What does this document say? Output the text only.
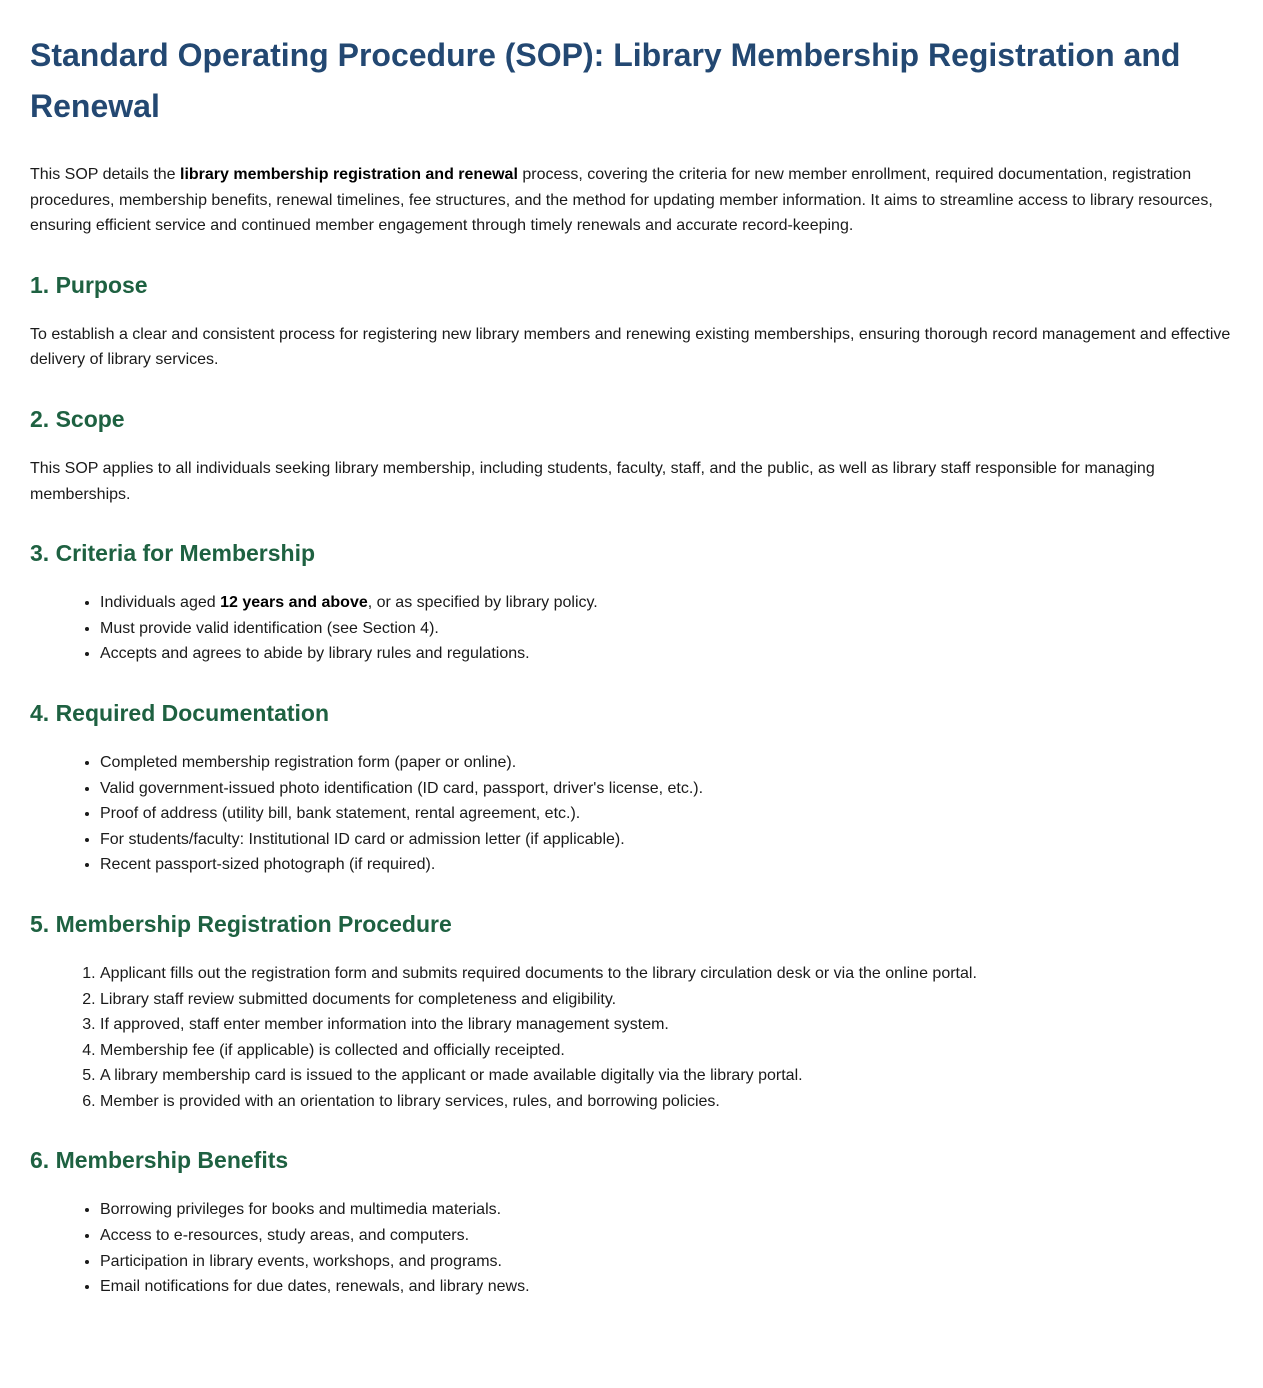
Standard Operating Procedure (SOP): Library Membership Registration and Renewal

This SOP details the library membership registration and renewal process, covering the criteria for new member enrollment, required documentation, registration procedures, membership benefits, renewal timelines, fee structures, and the method for updating member information. It aims to streamline access to library resources, ensuring efficient service and continued member engagement through timely renewals and accurate record-keeping.

1. Purpose

To establish a clear and consistent process for registering new library members and renewing existing memberships, ensuring thorough record management and effective delivery of library services.

2. Scope

This SOP applies to all individuals seeking library membership, including students, faculty, staff, and the public, as well as library staff responsible for managing memberships.

3. Criteria for Membership
• Individuals aged 12 years and above, or as specified by library policy.
• Must provide valid identification (see Section 4).
• Accepts and agrees to abide by library rules and regulations.
4. Required Documentation
• Completed membership registration form (paper or online).
• Valid government-issued photo identification (ID card, passport, driver's license, etc.).
• Proof of address (utility bill, bank statement, rental agreement, etc.).
• For students/faculty: Institutional ID card or admission letter (if applicable).
• Recent passport-sized photograph (if required).
5. Membership Registration Procedure
1. Applicant fills out the registration form and submits required documents to the library circulation desk or via the online portal.
2. Library staff review submitted documents for completeness and eligibility.
3. If approved, staff enter member information into the library management system.
4. Membership fee (if applicable) is collected and officially receipted.
5. A library membership card is issued to the applicant or made available digitally via the library portal.
6. Member is provided with an orientation to library services, rules, and borrowing policies.
6. Membership Benefits
• Borrowing privileges for books and multimedia materials.
• Access to e-resources, study areas, and computers.
• Participation in library events, workshops, and programs.
• Email notifications for due dates, renewals, and library news.
